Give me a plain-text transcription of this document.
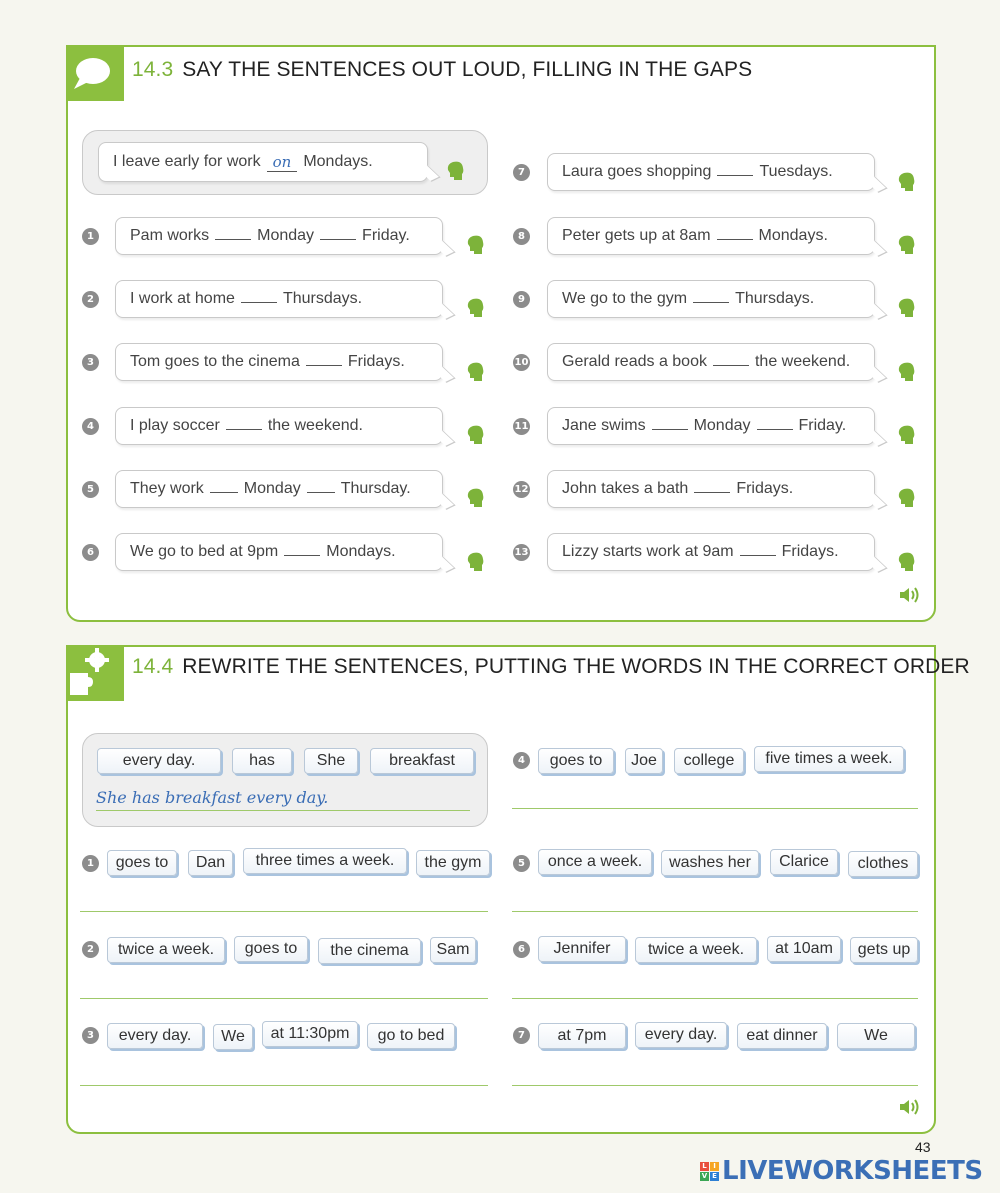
14.3 SAY THE SENTENCES OUT LOUD, FILLING IN THE GAPS
I leave early for work on Mondays.
1	Pam works	Monday	Friday.
2	I work at home	Thursdays.
3	Tom goes to the cinema	Fridays.
4	I play soccer	the weekend.
5	They work	Monday	Thursday.
6	We go to bed at 9pm	Mondays.
7	Laura goes shopping	Tuesdays.
8	Peter gets up at 8am	Mondays.
9	We go to the gym	Thursdays.
10 Gerald reads a book	the weekend.
11 Jane swims	Monday	Friday.
12 John takes a bath	Fridays.
13 Lizzy starts work at 9am	Fridays.
14.4 REWRITE THE SENTENCES, PUTTING THE WORDS IN THE CORRECT ORDER
every day.	has	She	breakfast
She has breakfast every day.
1	goes to	Dan	three times a week.	the gym
2	twice a week.	goes to	the cinema	Sam
3	every day.	We	at 11:30pm	go to bed
4	goes to	Joe	college	five times a week.
5	once a week.	washes her	Clarice	clothes
6	Jennifer	twice a week.	at 10am	gets up
7	at 7pm	every day.	eat dinner	We
43
L I
V E LIVEWORKSHEETS
